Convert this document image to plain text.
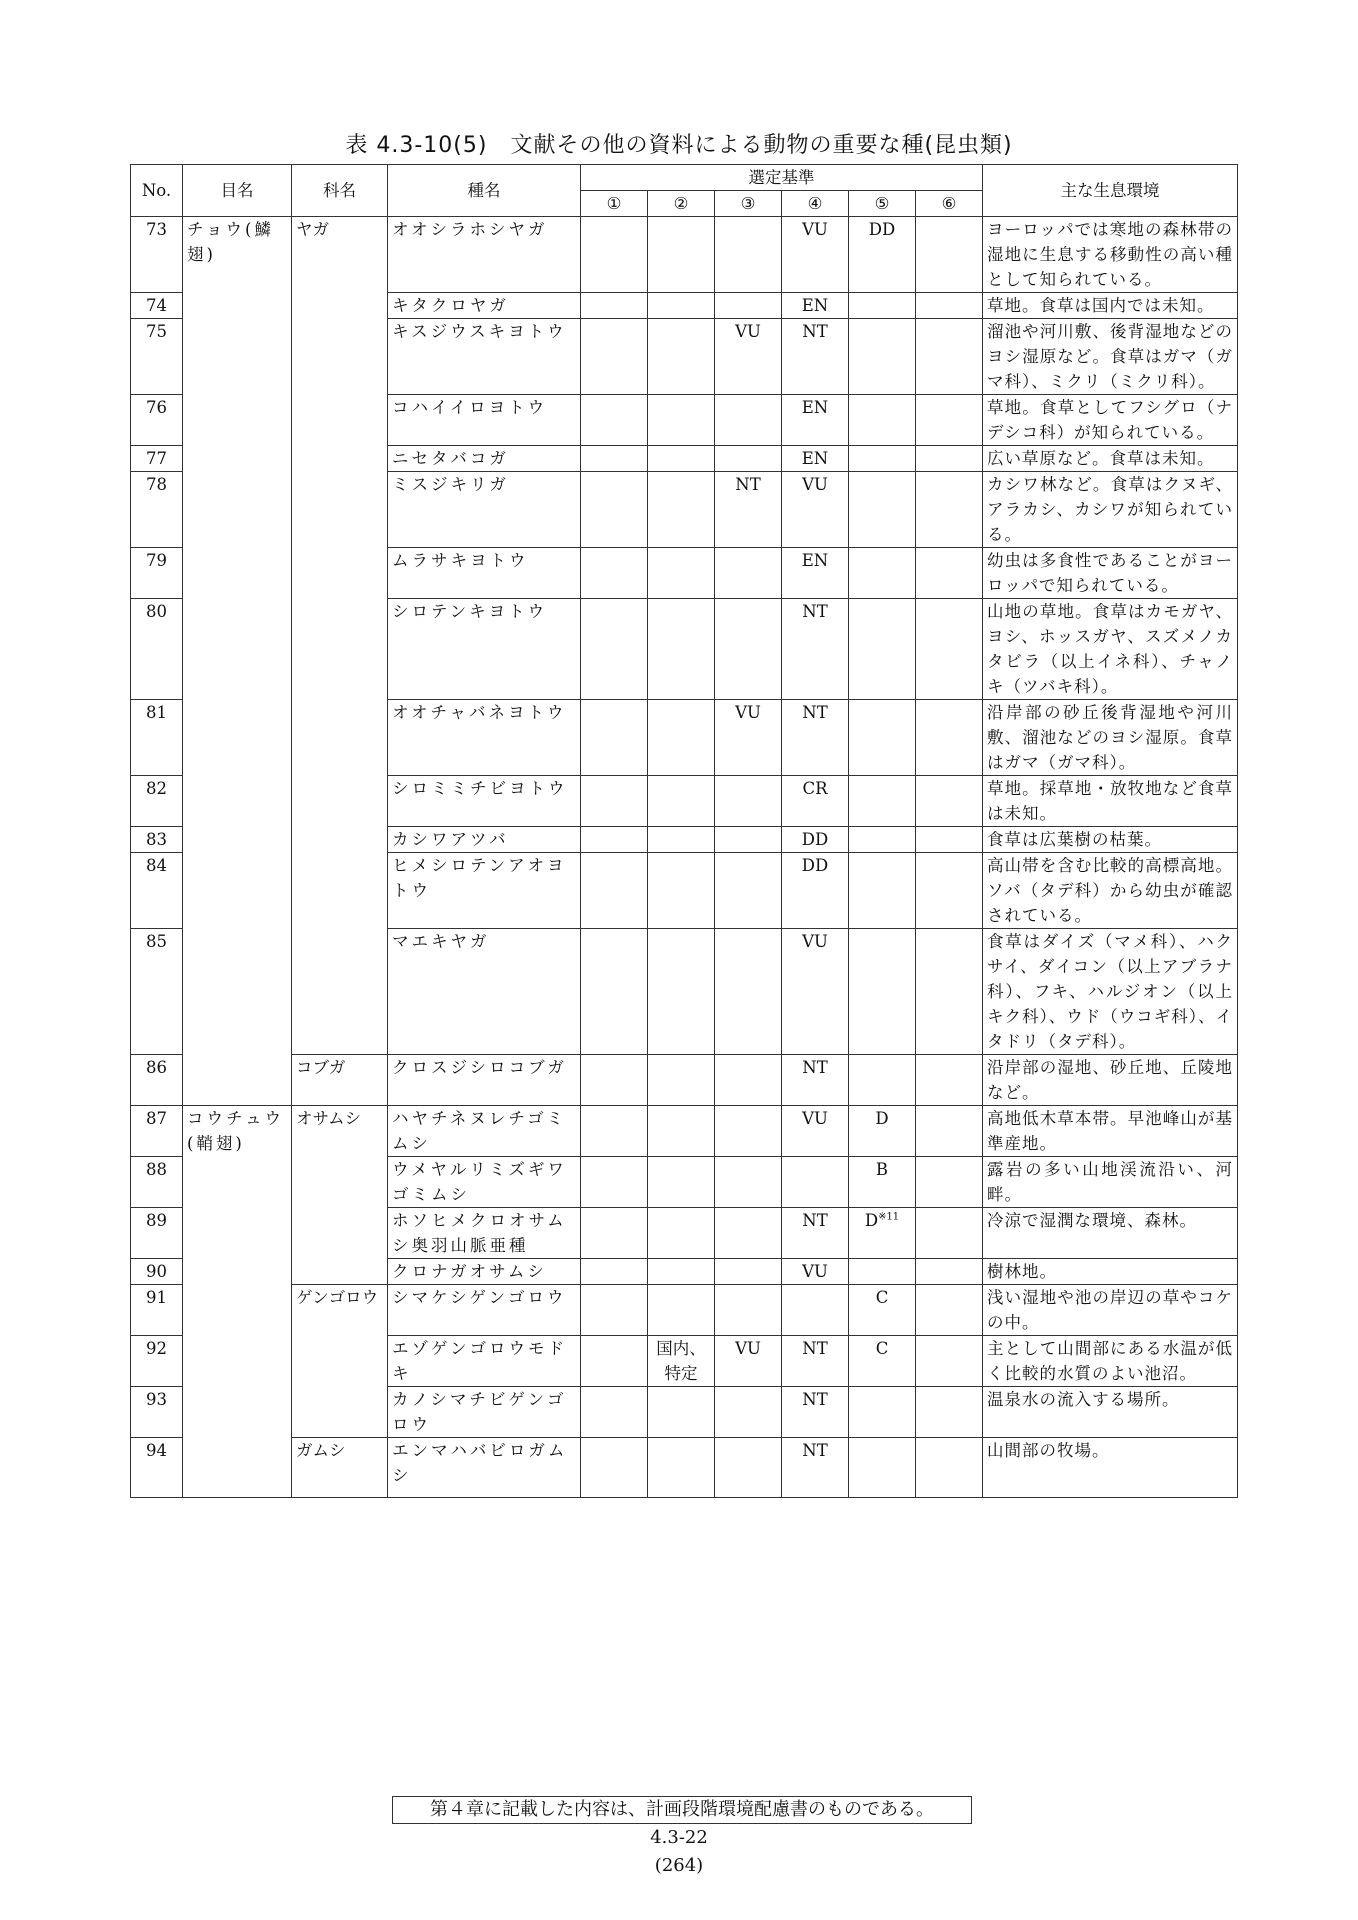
表 4.3-10(5)　文献その他の資料による動物の重要な種(昆虫類)
No.	目名	科名	種名	選定基準						主な生息環境
				①	②	③	④	⑤	⑥	
73	チョウ(鱗翅)	ヤガ	オオシラホシヤガ				VU	DD		ヨーロッパでは寒地の森林帯の湿地に生息する移動性の高い種として知られている。
74			キタクロヤガ				EN			草地。食草は国内では未知。
75			キスジウスキヨトウ			VU	NT			溜池や河川敷、後背湿地などのヨシ湿原など。食草はガマ（ガマ科）、ミクリ（ミクリ科）。
76			コハイイロヨトウ				EN			草地。食草としてフシグロ（ナデシコ科）が知られている。
77			ニセタバコガ				EN			広い草原など。食草は未知。
78			ミスジキリガ			NT	VU			カシワ林など。食草はクヌギ、アラカシ、カシワが知られている。
79			ムラサキヨトウ				EN			幼虫は多食性であることがヨーロッパで知られている。
80			シロテンキヨトウ				NT			山地の草地。食草はカモガヤ、ヨシ、ホッスガヤ、スズメノカタビラ（以上イネ科）、チャノキ（ツバキ科）。
81			オオチャバネヨトウ			VU	NT			沿岸部の砂丘後背湿地や河川敷、溜池などのヨシ湿原。食草はガマ（ガマ科）。
82			シロミミチビヨトウ				CR			草地。採草地・放牧地など食草は未知。
83			カシワアツバ				DD			食草は広葉樹の枯葉。
84			ヒメシロテンアオヨトウ				DD			高山帯を含む比較的高標高地。ソバ（タデ科）から幼虫が確認されている。
85			マエキヤガ				VU			食草はダイズ（マメ科）、ハクサイ、ダイコン（以上アブラナ科）、フキ、ハルジオン（以上キク科）、ウド（ウコギ科）、イタドリ（タデ科）。
86		コブガ	クロスジシロコブガ				NT			沿岸部の湿地、砂丘地、丘陵地など。
87	コウチュウ(鞘翅)	オサムシ	ハヤチネヌレチゴミムシ				VU	D		高地低木草本帯。早池峰山が基準産地。
88			ウメヤルリミズギワゴミムシ					B		露岩の多い山地渓流沿い、河畔。
89			ホソヒメクロオサムシ奥羽山脈亜種				NT	$D^{※11}$		冷涼で湿潤な環境、森林。
90			クロナガオサムシ				VU			樹林地。
91		ゲンゴロウ	シマケシゲンゴロウ					C		浅い湿地や池の岸辺の草やコケの中。
92			エゾゲンゴロウモドキ		国内、特定	VU	NT	C		主として山間部にある水温が低く比較的水質のよい池沼。
93			カノシマチビゲンゴロウ				NT			温泉水の流入する場所。
94		ガムシ	エンマハバビロガムシ				NT			山間部の牧場。
第４章に記載した内容は、計画段階環境配慮書のものである。
4.3-22
(264)
